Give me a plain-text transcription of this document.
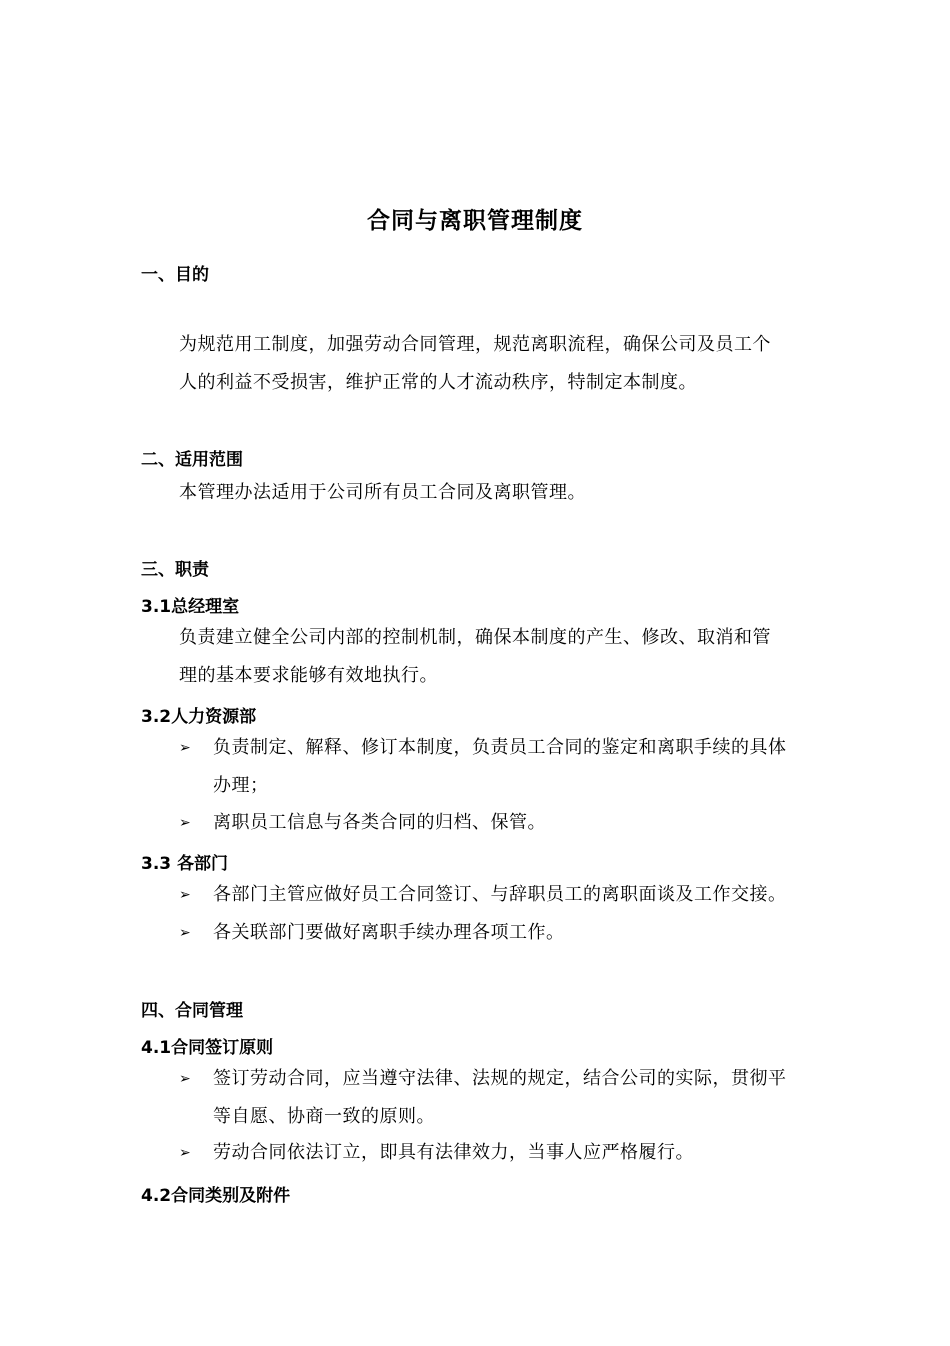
合同与离职管理制度
一、目的
为规范用工制度，加强劳动合同管理，规范离职流程，确保公司及员工个
人的利益不受损害，维护正常的人才流动秩序，特制定本制度。
二、适用范围
本管理办法适用于公司所有员工合同及离职管理。
三、职责
3.1总经理室
负责建立健全公司内部的控制机制，确保本制度的产生、修改、取消和管
理的基本要求能够有效地执行。
3.2人力资源部
➢	负责制定、解释、修订本制度，负责员工合同的鉴定和离职手续的具体
办理；
➢	离职员工信息与各类合同的归档、保管。
3.3 各部门
➢	各部门主管应做好员工合同签订、与辞职员工的离职面谈及工作交接。
➢	各关联部门要做好离职手续办理各项工作。
四、合同管理
4.1合同签订原则
➢	签订劳动合同，应当遵守法律、法规的规定，结合公司的实际，贯彻平
等自愿、协商一致的原则。
➢	劳动合同依法订立，即具有法律效力，当事人应严格履行。
4.2合同类别及附件
